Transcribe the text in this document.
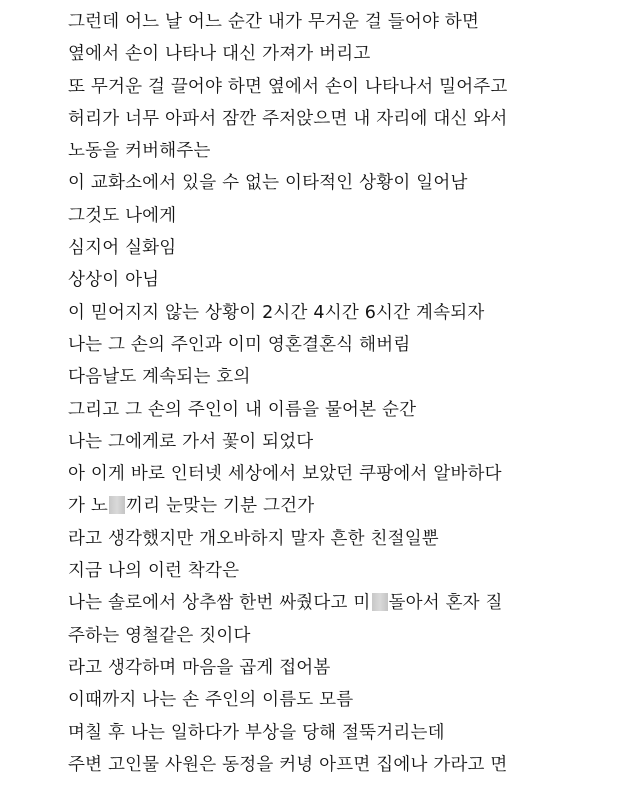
그런데 어느 날 어느 순간 내가 무거운 걸 들어야 하면
옆에서 손이 나타나 대신 가져가 버리고
또 무거운 걸 끌어야 하면 옆에서 손이 나타나서 밀어주고
허리가 너무 아파서 잠깐 주저앉으면 내 자리에 대신 와서
노동을 커버해주는
이 교화소에서 있을 수 없는 이타적인 상황이 일어남
그것도 나에게
심지어 실화임
상상이 아님
이 믿어지지 않는 상황이 2시간 4시간 6시간 계속되자
나는 그 손의 주인과 이미 영혼결혼식 해버림
다음날도 계속되는 호의
그리고 그 손의 주인이 내 이름을 물어본 순간
나는 그에게로 가서 꽃이 되었다
아 이게 바로 인터넷 세상에서 보았던 쿠팡에서 알바하다
가 노 끼리 눈맞는 기분 그건가
라고 생각했지만 개오바하지 말자 흔한 친절일뿐
지금 나의 이런 착각은
나는 솔로에서 상추쌈 한번 싸줬다고 미 돌아서 혼자 질
주하는 영철같은 짓이다
라고 생각하며 마음을 곱게 접어봄
이때까지 나는 손 주인의 이름도 모름
며칠 후 나는 일하다가 부상을 당해 절뚝거리는데
주변 고인물 사원은 동정을 커녕 아프면 집에나 가라고 면
